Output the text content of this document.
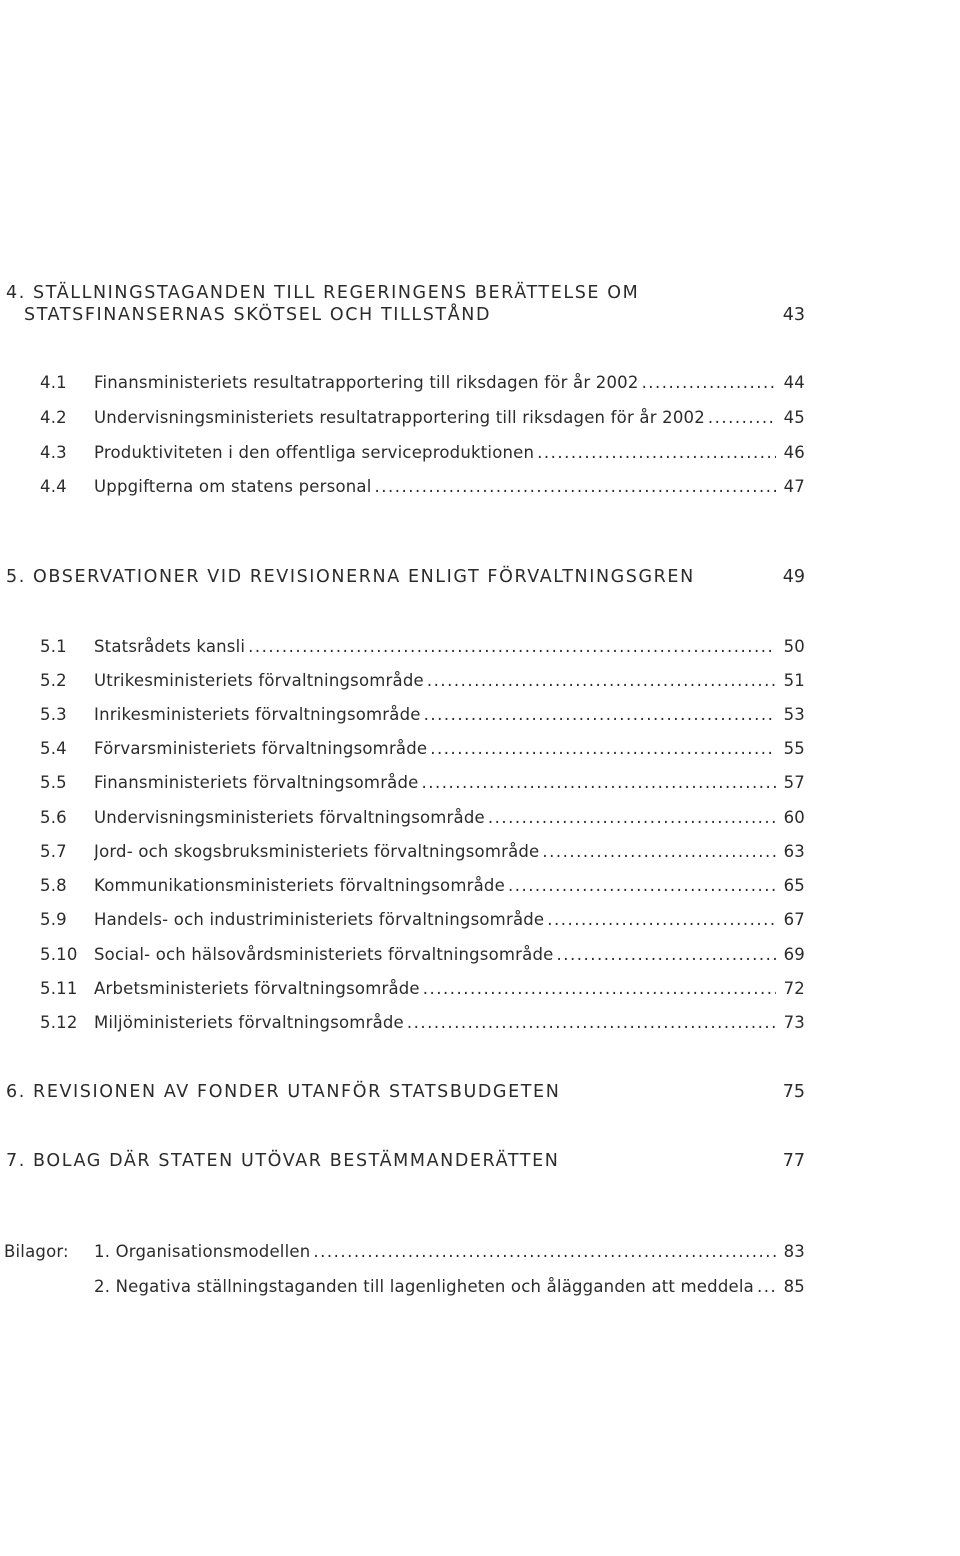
4. STÄLLNINGSTAGANDEN TILL REGERINGENS BERÄTTELSE OM
STATSFINANSERNAS SKÖTSEL OCH TILLSTÅND	43
4.1 Finansministeriets resultatrapportering till riksdagen för år 2002 .....	44
4.2 Undervisningsministeriets resultatrapportering till riksdagen för år 2002 .....	45
4.3 Produktiviteten i den offentliga serviceproduktionen .....	46
4.4 Uppgifterna om statens personal .....	47
5. OBSERVATIONER VID REVISIONERNA ENLIGT FÖRVALTNINGSGREN	49
5.1 Statsrådets kansli .....	50
5.2 Utrikesministeriets förvaltningsområde .....	51
5.3 Inrikesministeriets förvaltningsområde .....	53
5.4 Förvarsministeriets förvaltningsområde .....	55
5.5 Finansministeriets förvaltningsområde .....	57
5.6 Undervisningsministeriets förvaltningsområde .....	60
5.7 Jord- och skogsbruksministeriets förvaltningsområde .....	63
5.8 Kommunikationsministeriets förvaltningsområde .....	65
5.9 Handels- och industriministeriets förvaltningsområde .....	67
5.10 Social- och hälsovårdsministeriets förvaltningsområde .....	69
5.11 Arbetsministeriets förvaltningsområde .....	72
5.12 Miljöministeriets förvaltningsområde .....	73
6. REVISIONEN AV FONDER UTANFÖR STATSBUDGETEN	75
7. BOLAG DÄR STATEN UTÖVAR BESTÄMMANDERÄTTEN	77
Bilagor: 1. Organisationsmodellen .....	83
2. Negativa ställningstaganden till lagenligheten och ålägganden att meddela .....	85
